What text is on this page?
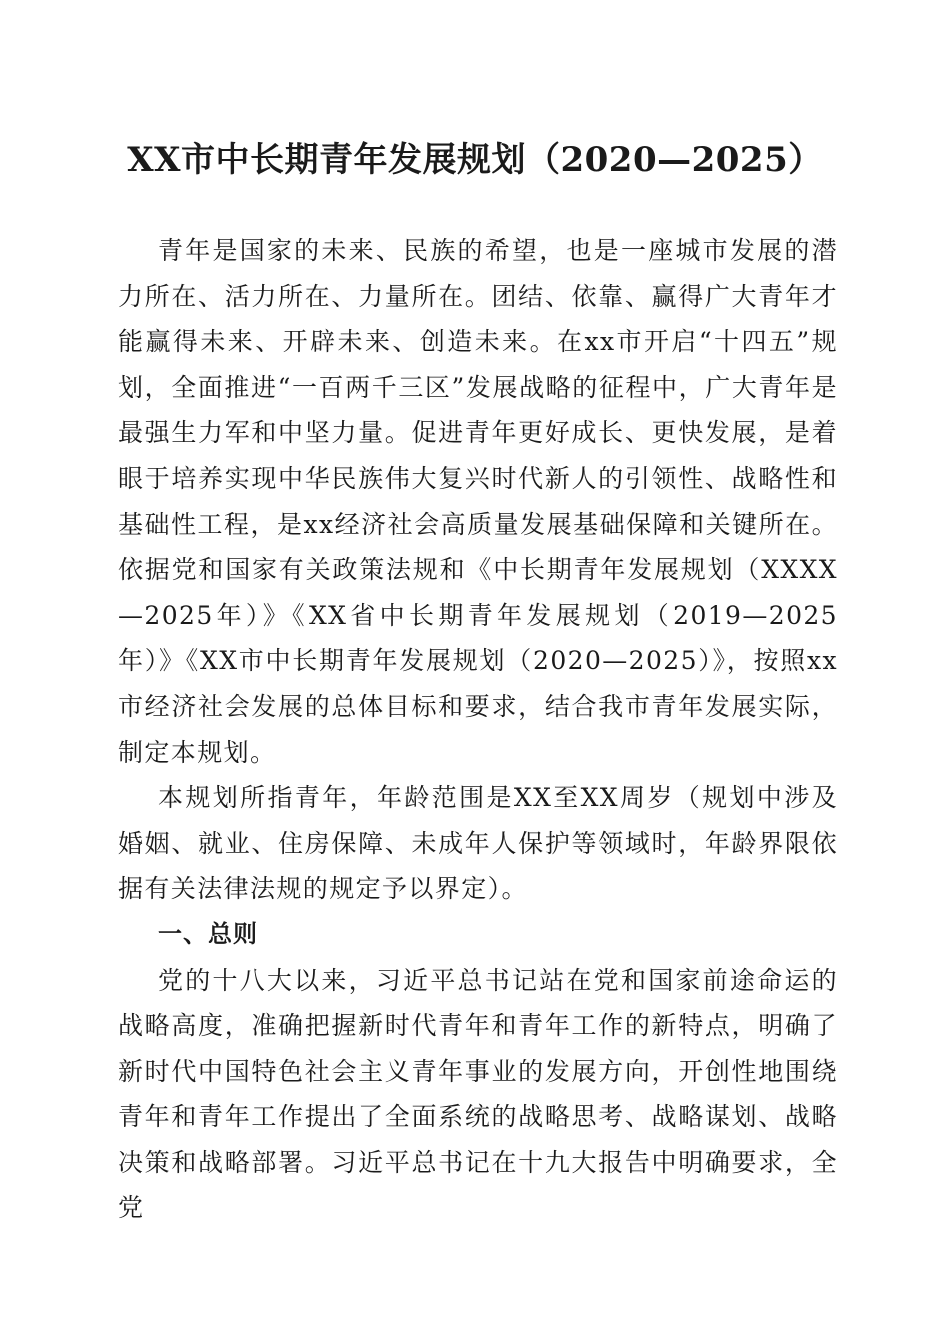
XX市中长期青年发展规划（2020—2025）

青年是国家的未来、民族的希望，也是一座城市发展的潜力所在、活力所在、力量所在。团结、依靠、赢得广大青年才能赢得未来、开辟未来、创造未来。在xx市开启“十四五”规划，全面推进“一百两千三区”发展战略的征程中，广大青年是最强生力军和中坚力量。促进青年更好成长、更快发展，是着眼于培养实现中华民族伟大复兴时代新人的引领性、战略性和基础性工程，是xx经济社会高质量发展基础保障和关键所在。依据党和国家有关政策法规和《中长期青年发展规划（XXXX—2025年）》《XX省中长期青年发展规划（2019—2025年）》《XX市中长期青年发展规划（2020—2025）》，按照xx市经济社会发展的总体目标和要求，结合我市青年发展实际，制定本规划。

本规划所指青年，年龄范围是XX至XX周岁（规划中涉及婚姻、就业、住房保障、未成年人保护等领域时，年龄界限依据有关法律法规的规定予以界定）。

一、总则

党的十八大以来，习近平总书记站在党和国家前途命运的战略高度，准确把握新时代青年和青年工作的新特点，明确了新时代中国特色社会主义青年事业的发展方向，开创性地围绕青年和青年工作提出了全面系统的战略思考、战略谋划、战略决策和战略部署。习近平总书记在十九大报告中明确要求，全党
